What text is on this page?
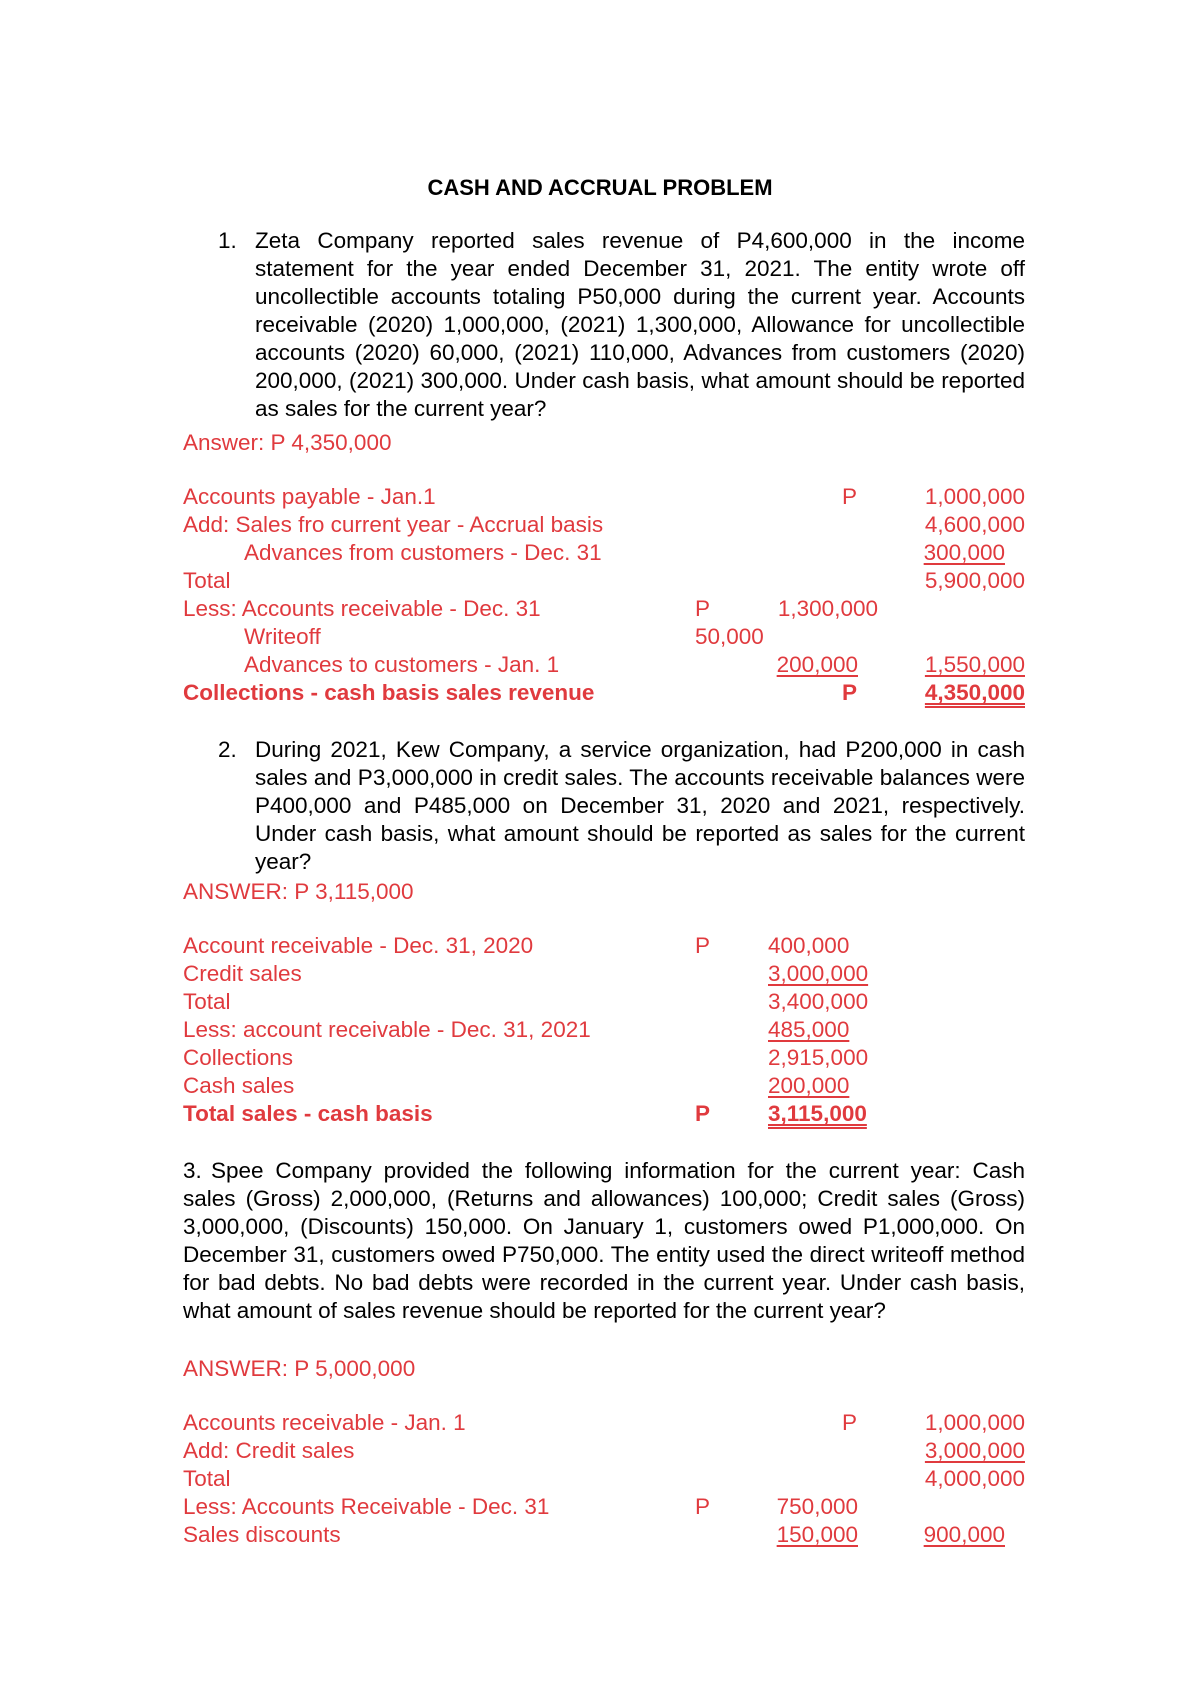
CASH AND ACCRUAL PROBLEM
1. Zeta Company reported sales revenue of P4,600,000 in the income statement for the year ended December 31, 2021. The entity wrote off uncollectible accounts totaling P50,000 during the current year. Accounts receivable (2020) 1,000,000, (2021) 1,300,000, Allowance for uncollectible accounts (2020) 60,000, (2021) 110,000, Advances from customers (2020) 200,000, (2021) 300,000. Under cash basis, what amount should be reported as sales for the current year?
Answer: P 4,350,000
Accounts payable - Jan.1	P	1,000,000
Add: Sales fro current year - Accrual basis	4,600,000
Advances from customers - Dec. 31	300,000
Total	5,900,000
Less: Accounts receivable - Dec. 31	P	1,300,000
Writeoff	50,000
Advances to customers - Jan. 1	200,000	1,550,000
Collections - cash basis sales revenue	P	4,350,000
2. During 2021, Kew Company, a service organization, had P200,000 in cash sales and P3,000,000 in credit sales. The accounts receivable balances were P400,000 and P485,000 on December 31, 2020 and 2021, respectively. Under cash basis, what amount should be reported as sales for the current year?
ANSWER: P 3,115,000
Account receivable - Dec. 31, 2020	P	400,000
Credit sales	3,000,000
Total	3,400,000
Less: account receivable - Dec. 31, 2021	485,000
Collections	2,915,000
Cash sales	200,000
Total sales - cash basis	P	3,115,000
3. Spee Company provided the following information for the current year: Cash sales (Gross) 2,000,000, (Returns and allowances) 100,000; Credit sales (Gross) 3,000,000, (Discounts) 150,000. On January 1, customers owed P1,000,000. On December 31, customers owed P750,000. The entity used the direct writeoff method for bad debts. No bad debts were recorded in the current year. Under cash basis, what amount of sales revenue should be reported for the current year?
ANSWER: P 5,000,000
Accounts receivable - Jan. 1	P	1,000,000
Add: Credit sales	3,000,000
Total	4,000,000
Less: Accounts Receivable - Dec. 31	P	750,000
Sales discounts	150,000	900,000
